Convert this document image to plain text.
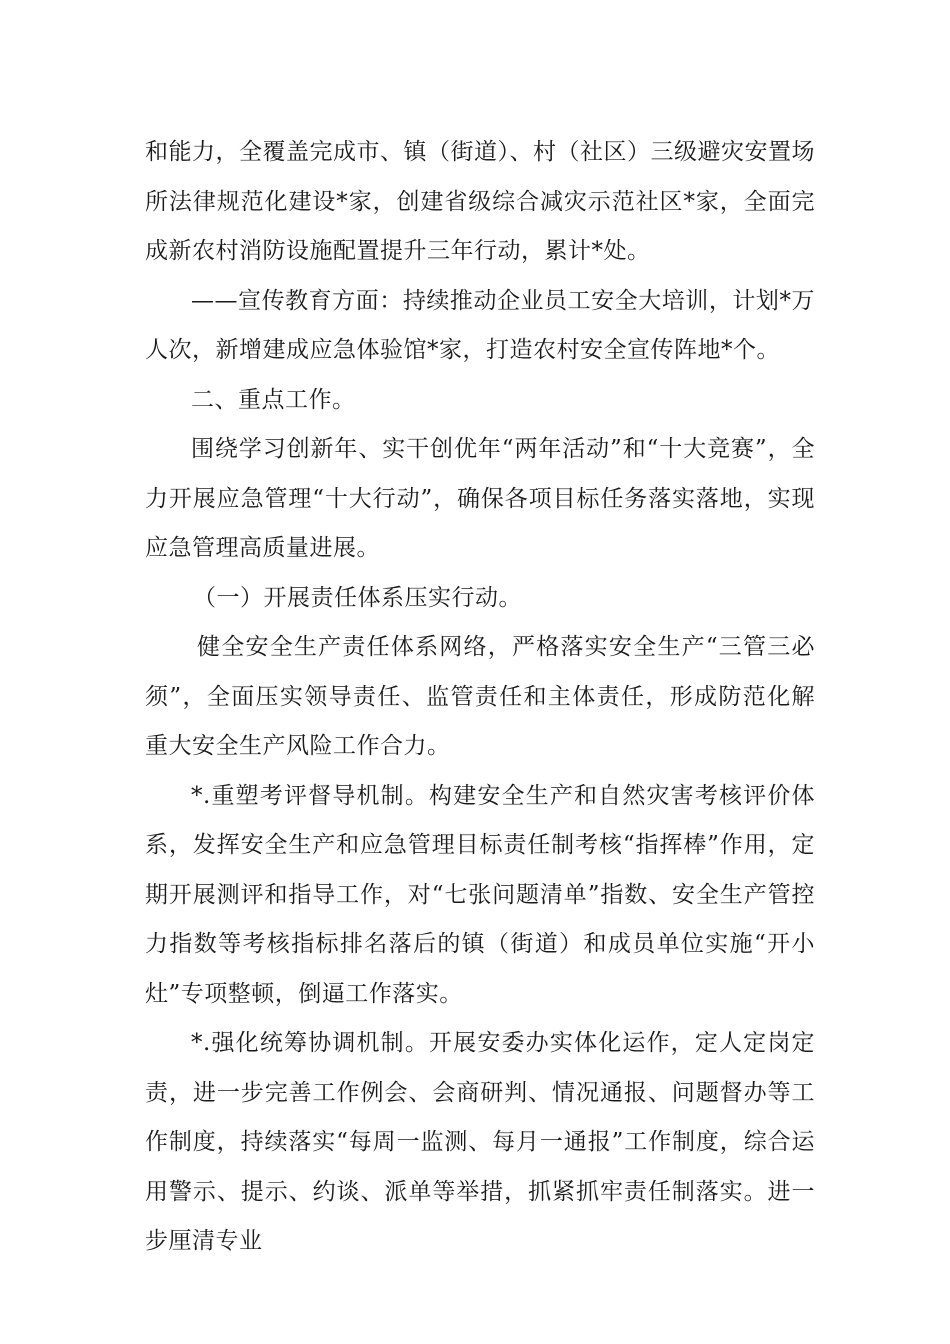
和能力，全覆盖完成市、镇（街道）、村（社区）三级避灾安置场所法律规范化建设*家，创建省级综合减灾示范社区*家，全面完成新农村消防设施配置提升三年行动，累计*处。

——宣传教育方面：持续推动企业员工安全大培训，计划*万人次，新增建成应急体验馆*家，打造农村安全宣传阵地*个。

二、重点工作。

围绕学习创新年、实干创优年“两年活动”和“十大竞赛”，全力开展应急管理“十大行动”，确保各项目标任务落实落地，实现应急管理高质量进展。

（一）开展责任体系压实行动。

健全安全生产责任体系网络，严格落实安全生产“三管三必须”，全面压实领导责任、监管责任和主体责任，形成防范化解重大安全生产风险工作合力。

*.重塑考评督导机制。构建安全生产和自然灾害考核评价体系，发挥安全生产和应急管理目标责任制考核“指挥棒”作用，定期开展测评和指导工作，对“七张问题清单”指数、安全生产管控力指数等考核指标排名落后的镇（街道）和成员单位实施“开小灶”专项整顿，倒逼工作落实。

*.强化统筹协调机制。开展安委办实体化运作，定人定岗定责，进一步完善工作例会、会商研判、情况通报、问题督办等工作制度，持续落实“每周一监测、每月一通报”工作制度，综合运用警示、提示、约谈、派单等举措，抓紧抓牢责任制落实。进一步厘清专业
